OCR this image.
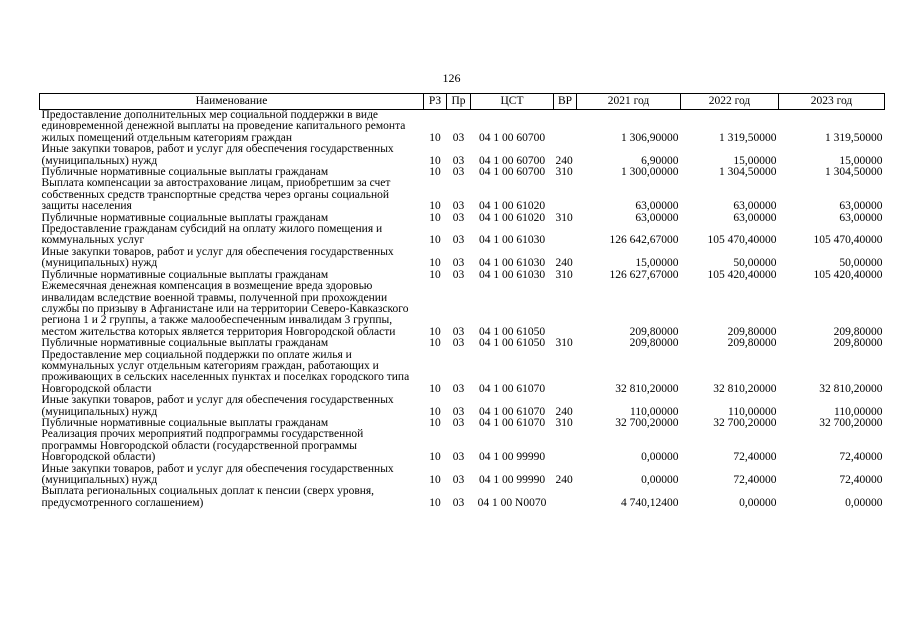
126
Наименование	РЗ	Пр	ЦСТ	ВР	2021 год	2022 год	2023 год
Предоставление дополнительных мер социальной поддержки в виде единовременной денежной выплаты на проведение капитального ремонта жилых помещений отдельным категориям граждан	10	03	04 1 00 60700		1 306,90000	1 319,50000	1 319,50000
Иные закупки товаров, работ и услуг для обеспечения государственных (муниципальных) нужд	10	03	04 1 00 60700	240	6,90000	15,00000	15,00000
Публичные нормативные социальные выплаты гражданам	10	03	04 1 00 60700	310	1 300,00000	1 304,50000	1 304,50000
Выплата компенсации за автострахование лицам, приобретшим за счет собственных средств транспортные средства через органы социальной защиты населения	10	03	04 1 00 61020		63,00000	63,00000	63,00000
Публичные нормативные социальные выплаты гражданам	10	03	04 1 00 61020	310	63,00000	63,00000	63,00000
Предоставление гражданам субсидий на оплату жилого помещения и коммунальных услуг	10	03	04 1 00 61030		126 642,67000	105 470,40000	105 470,40000
Иные закупки товаров, работ и услуг для обеспечения государственных (муниципальных) нужд	10	03	04 1 00 61030	240	15,00000	50,00000	50,00000
Публичные нормативные социальные выплаты гражданам	10	03	04 1 00 61030	310	126 627,67000	105 420,40000	105 420,40000
Ежемесячная денежная компенсация в возмещение вреда здоровью инвалидам вследствие военной травмы, полученной при прохождении службы по призыву в Афганистане или на территории Северо-Кавказского региона 1 и 2 группы, а также малообеспеченным инвалидам 3 группы, местом жительства которых является территория Новгородской области	10	03	04 1 00 61050		209,80000	209,80000	209,80000
Публичные нормативные социальные выплаты гражданам	10	03	04 1 00 61050	310	209,80000	209,80000	209,80000
Предоставление мер социальной поддержки по оплате жилья и коммунальных услуг отдельным категориям граждан, работающих и проживающих в сельских населенных пунктах и поселках городского типа Новгородской области	10	03	04 1 00 61070		32 810,20000	32 810,20000	32 810,20000
Иные закупки товаров, работ и услуг для обеспечения государственных (муниципальных) нужд	10	03	04 1 00 61070	240	110,00000	110,00000	110,00000
Публичные нормативные социальные выплаты гражданам	10	03	04 1 00 61070	310	32 700,20000	32 700,20000	32 700,20000
Реализация прочих мероприятий подпрограммы государственной программы Новгородской области (государственной программы Новгородской области)	10	03	04 1 00 99990		0,00000	72,40000	72,40000
Иные закупки товаров, работ и услуг для обеспечения государственных (муниципальных) нужд	10	03	04 1 00 99990	240	0,00000	72,40000	72,40000
Выплата региональных социальных доплат к пенсии (сверх уровня, предусмотренного соглашением)	10	03	04 1 00 N0070		4 740,12400	0,00000	0,00000
